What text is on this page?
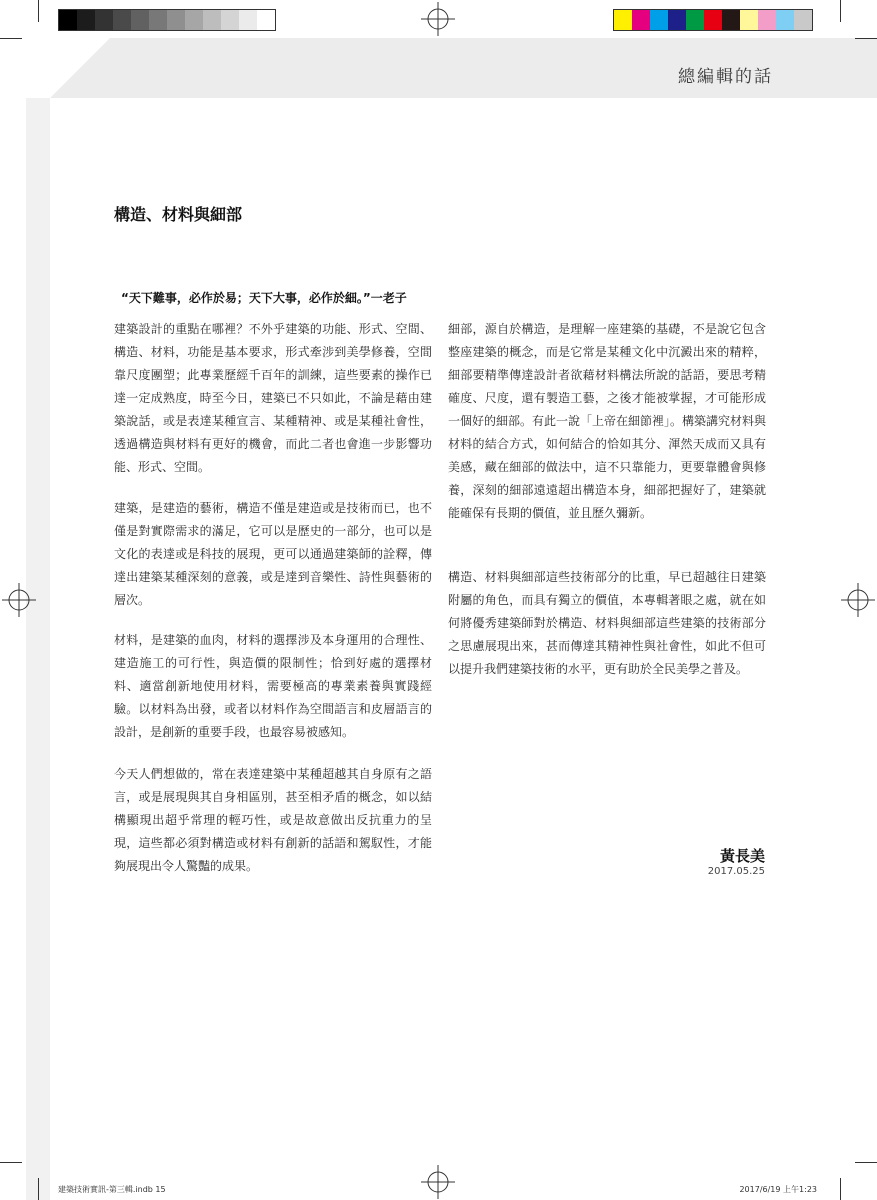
總編輯的話
構造、材料與細部
“天下難事，必作於易；天下大事，必作於細。”一老子

建築設計的重點在哪裡？不外乎建築的功能、形式、空間、構造、材料，功能是基本要求，形式牽涉到美學修養，空間靠尺度團塑；此專業歷經千百年的訓練，這些要素的操作已達一定成熟度，時至今日，建築已不只如此，不論是藉由建築說話，或是表達某種宣言、某種精神、或是某種社會性，透過構造與材料有更好的機會，而此二者也會進一步影響功能、形式、空間。

建築，是建造的藝術，構造不僅是建造或是技術而已，也不僅是對實際需求的滿足，它可以是歷史的一部分，也可以是文化的表達或是科技的展現，更可以通過建築師的詮釋，傳達出建築某種深刻的意義，或是達到音樂性、詩性與藝術的層次。

材料，是建築的血肉，材料的選擇涉及本身運用的合理性、建造施工的可行性，與造價的限制性；恰到好處的選擇材料、適當創新地使用材料，需要極高的專業素養與實踐經驗。以材料為出發，或者以材料作為空間語言和皮層語言的設計，是創新的重要手段，也最容易被感知。

今天人們想做的，常在表達建築中某種超越其自身原有之語言，或是展現與其自身相區別，甚至相矛盾的概念，如以結構顯現出超乎常理的輕巧性，或是故意做出反抗重力的呈現，這些都必須對構造或材料有創新的話語和駕馭性，才能夠展現出令人驚豔的成果。

細部，源自於構造，是理解一座建築的基礎，不是說它包含整座建築的概念，而是它常是某種文化中沉澱出來的精粹，細部要精準傳達設計者欲藉材料構法所說的話語，要思考精確度、尺度，還有製造工藝，之後才能被掌握，才可能形成一個好的細部。有此一說「上帝在細節裡」。構築講究材料與材料的結合方式，如何結合的恰如其分、渾然天成而又具有美感，藏在細部的做法中，這不只靠能力，更要靠體會與修養，深刻的細部遠遠超出構造本身，細部把握好了，建築就能確保有長期的價值，並且歷久彌新。

構造、材料與細部這些技術部分的比重，早已超越往日建築附屬的角色，而具有獨立的價值，本專輯著眼之處，就在如何將優秀建築師對於構造、材料與細部這些建築的技術部分之思慮展現出來，甚而傳達其精神性與社會性，如此不但可以提升我們建築技術的水平，更有助於全民美學之普及。

黃長美
2017.05.25
建築技術實訊-第三輯.indb 15	2017/6/19 上午1:23
